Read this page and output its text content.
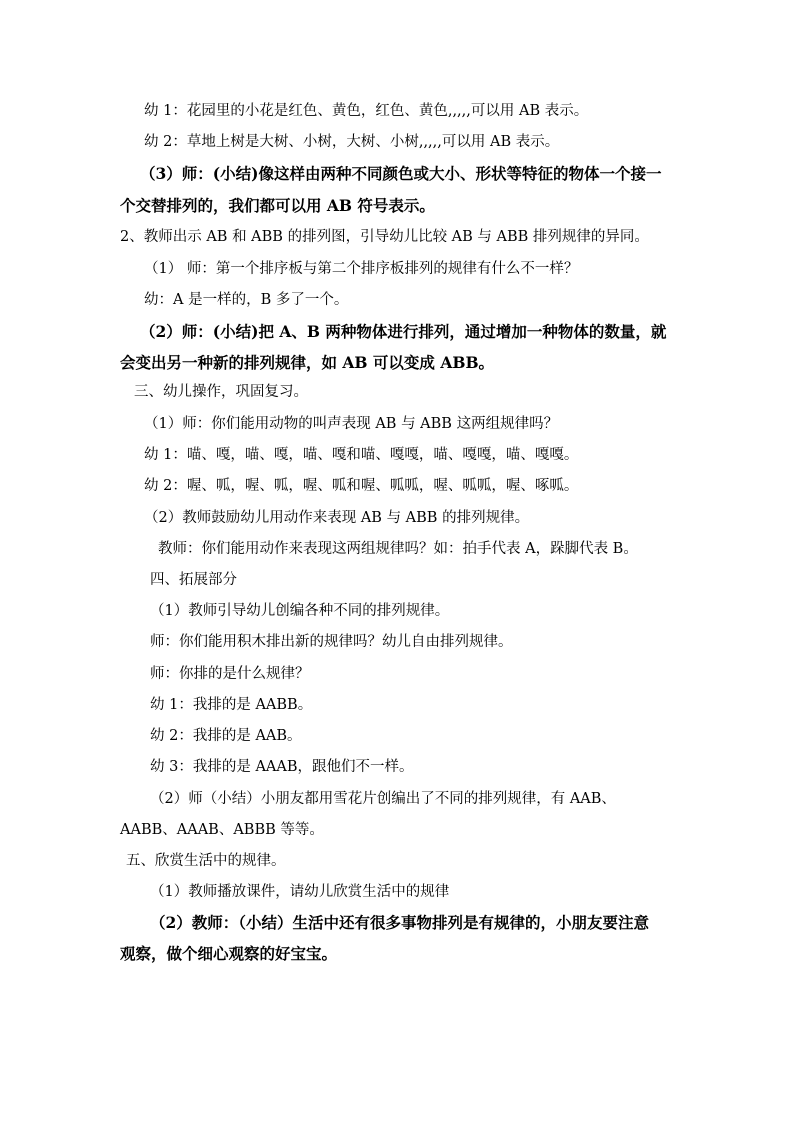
幼 1：花园里的小花是红色、黄色，红色、黄色,,,,,可以用 AB 表示。
幼 2：草地上树是大树、小树，大树、小树,,,,,可以用 AB 表示。
（3）师：(小结)像这样由两种不同颜色或大小、形状等特征的物体一个接一
个交替排列的，我们都可以用 AB 符号表示。
2、教师出示 AB 和 ABB 的排列图，引导幼儿比较 AB 与 ABB 排列规律的异同。
（1） 师：第一个排序板与第二个排序板排列的规律有什么不一样？
幼：A 是一样的，B 多了一个。
（2）师：(小结)把 A、B 两种物体进行排列，通过增加一种物体的数量，就
会变出另一种新的排列规律，如 AB 可以变成 ABB。
三、幼儿操作，巩固复习。
（1）师：你们能用动物的叫声表现 AB 与 ABB 这两组规律吗？
幼 1：喵、嘎，喵、嘎，喵、嘎和喵、嘎嘎，喵、嘎嘎，喵、嘎嘎。
幼 2：喔、呱，喔、呱，喔、呱和喔、呱呱，喔、呱呱，喔、啄呱。
（2）教师鼓励幼儿用动作来表现 AB 与 ABB 的排列规律。
教师：你们能用动作来表现这两组规律吗？如：拍手代表 A，跺脚代表 B。
四、拓展部分
（1）教师引导幼儿创编各种不同的排列规律。
师：你们能用积木排出新的规律吗？幼儿自由排列规律。
师：你排的是什么规律？
幼 1：我排的是 AABB。
幼 2：我排的是 AAB。
幼 3：我排的是 AAAB，跟他们不一样。
（2）师（小结）小朋友都用雪花片创编出了不同的排列规律，有 AAB、
AABB、AAAB、ABBB 等等。
五、欣赏生活中的规律。
（1）教师播放课件，请幼儿欣赏生活中的规律
（2）教师：（小结）生活中还有很多事物排列是有规律的，小朋友要注意
观察，做个细心观察的好宝宝。
